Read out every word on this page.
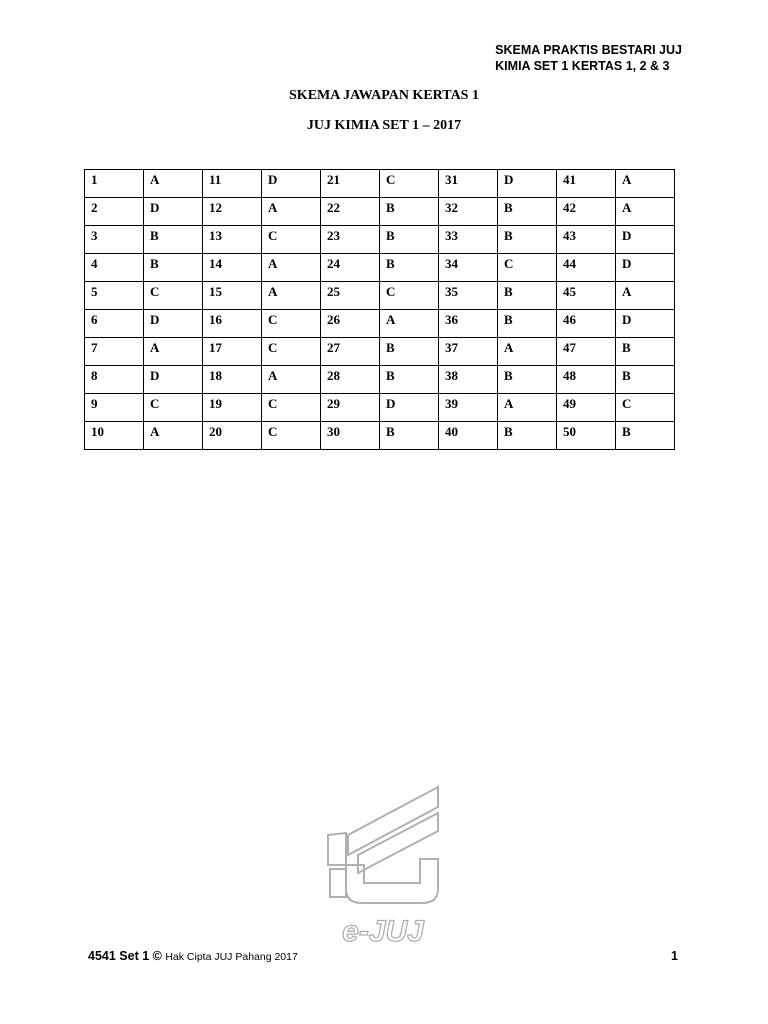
SKEMA PRAKTIS BESTARI JUJ
KIMIA SET 1 KERTAS 1, 2 & 3
SKEMA JAWAPAN KERTAS 1
JUJ KIMIA SET 1 – 2017
1	A	11	D	21	C	31	D	41	A

2	D	12	A	22	B	32	B	42	A

3	B	13	C	23	B	33	B	43	D

4	B	14	A	24	B	34	C	44	D

5	C	15	A	25	C	35	B	45	A

6	D	16	C	26	A	36	B	46	D

7	A	17	C	27	B	37	A	47	B

8	D	18	A	28	B	38	B	48	B

9	C	19	C	29	D	39	A	49	C

10	A	20	C	30	B	40	B	50	B
e-JUJ
4541 Set 1 © Hak Cipta JUJ Pahang 2017	1
